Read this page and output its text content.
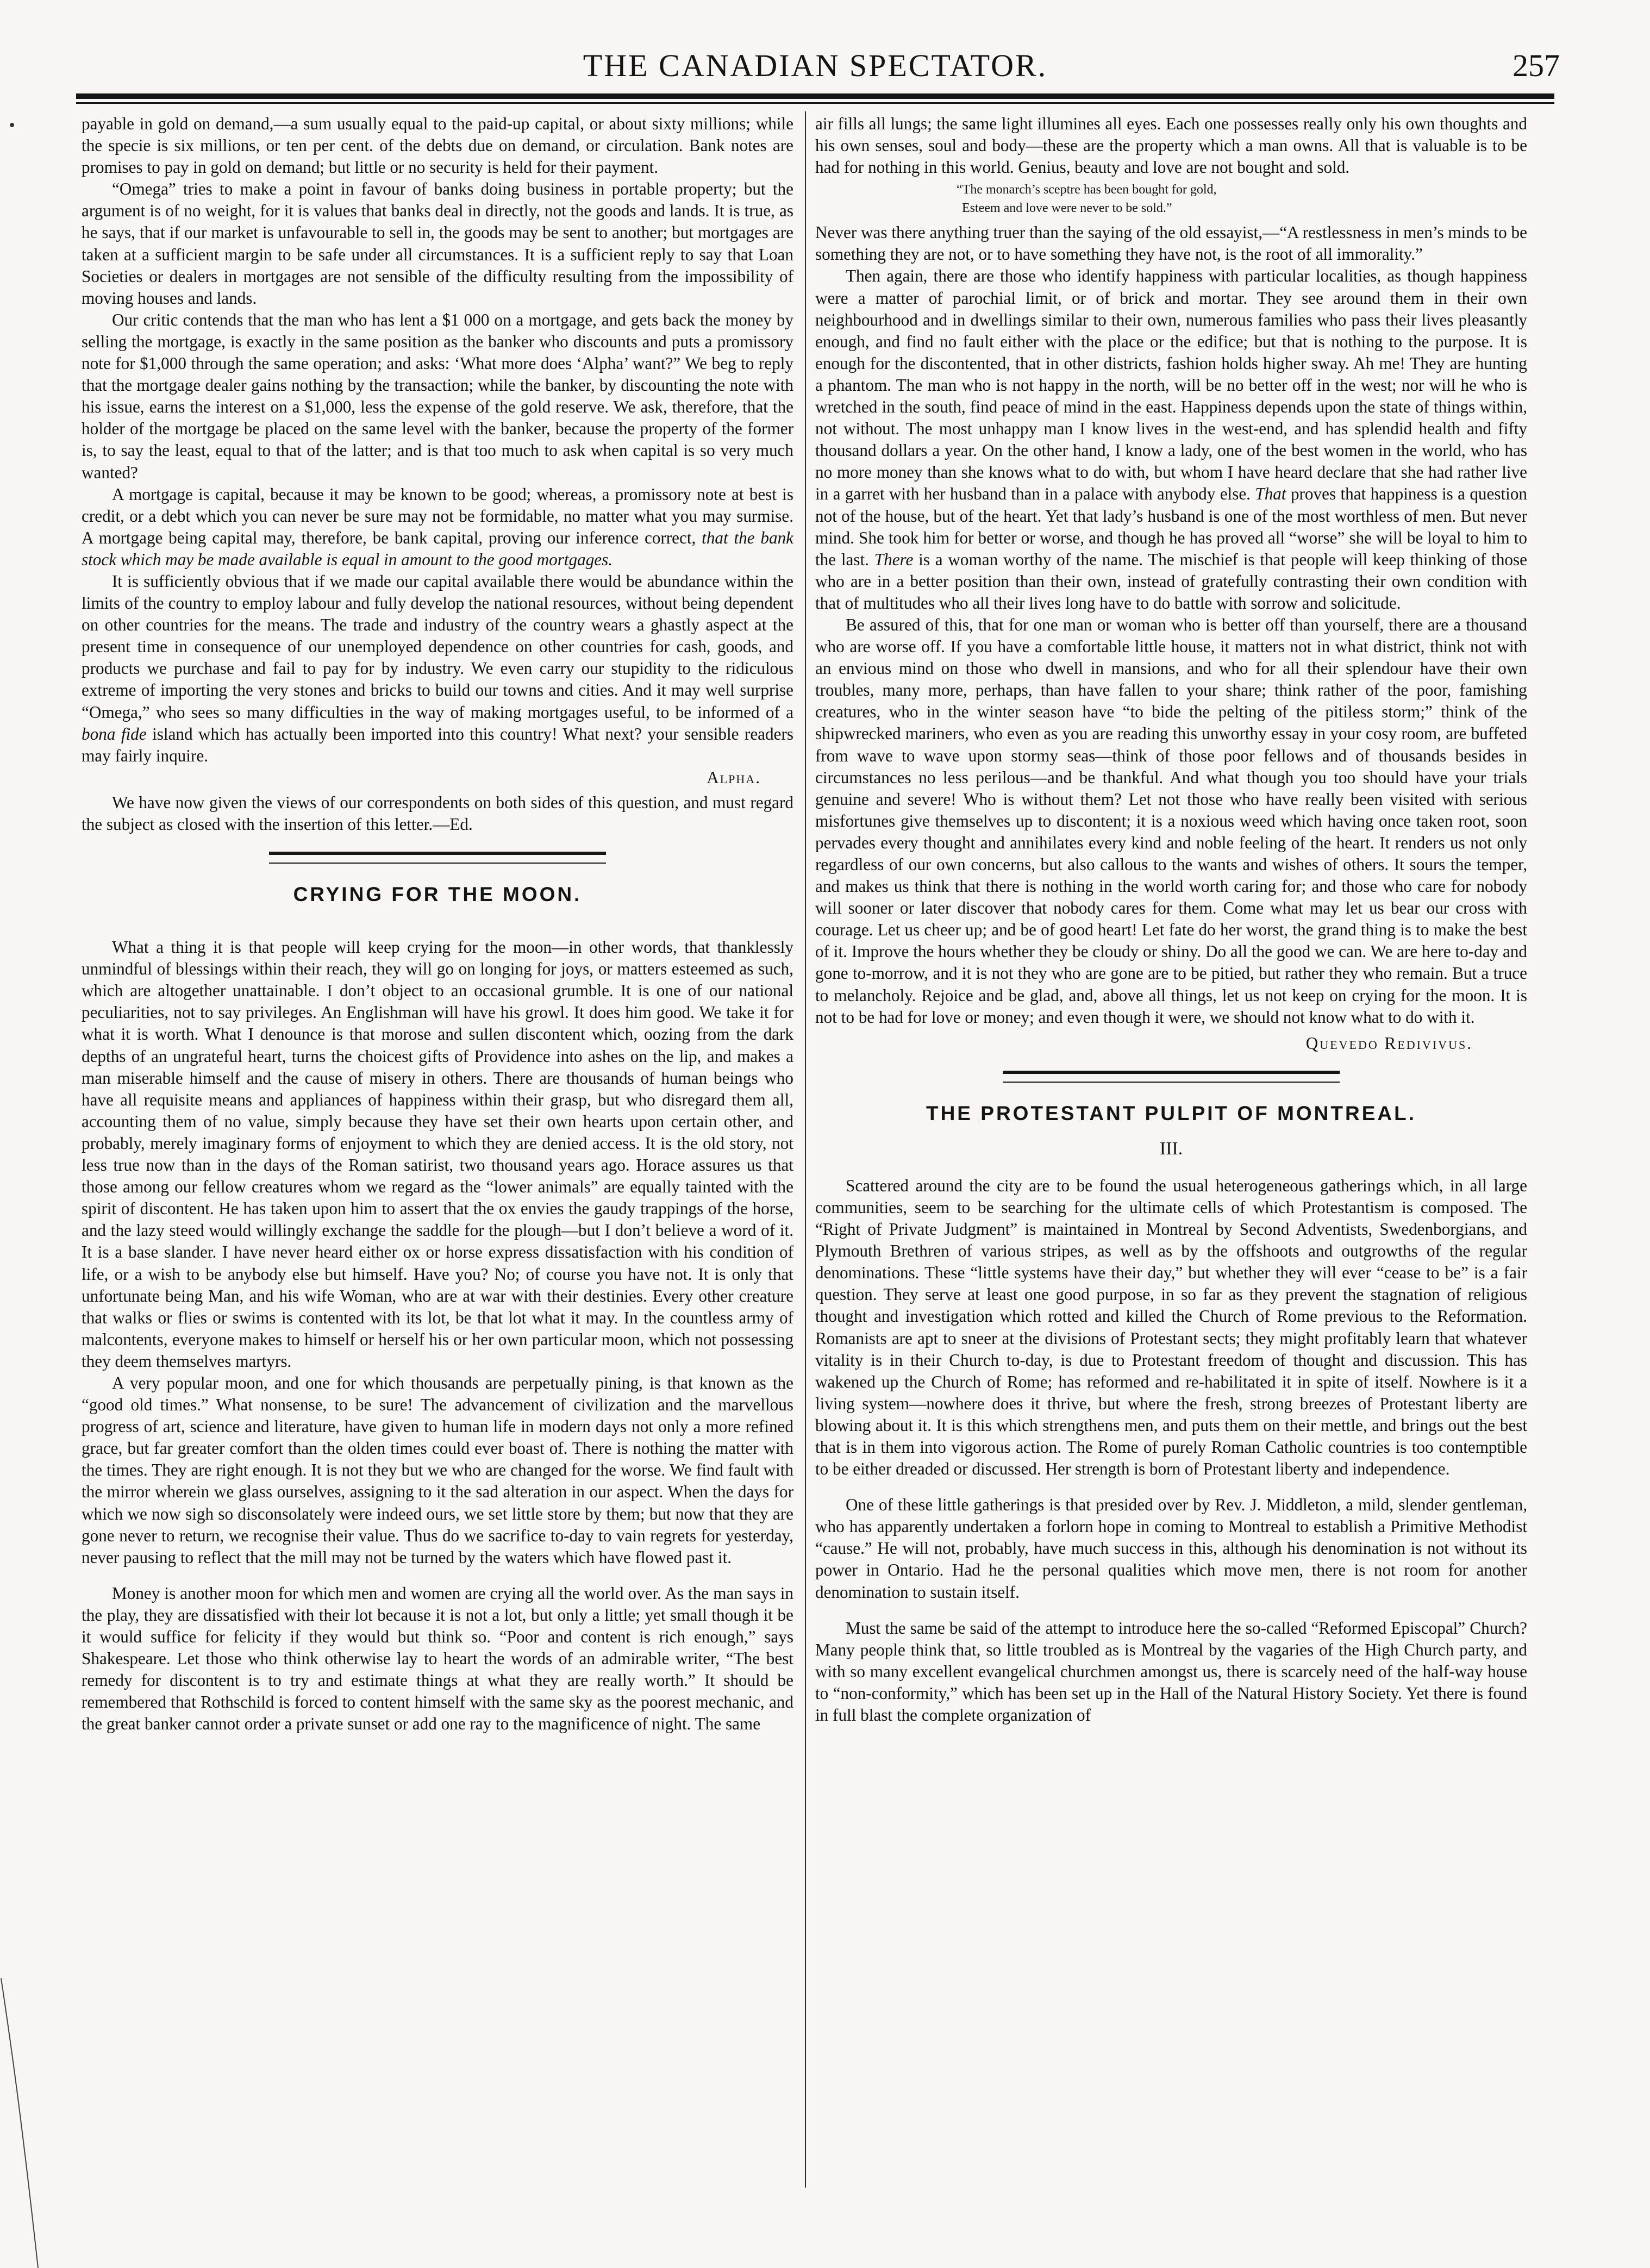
THE CANADIAN SPECTATOR.	257

payable in gold on demand,—a sum usually equal to the paid-up capital, or about sixty millions; while the specie is six millions, or ten per cent. of the debts due on demand, or circulation. Bank notes are promises to pay in gold on demand; but little or no security is held for their payment.

“Omega” tries to make a point in favour of banks doing business in portable property; but the argument is of no weight, for it is values that banks deal in directly, not the goods and lands. It is true, as he says, that if our market is unfavourable to sell in, the goods may be sent to another; but mortgages are taken at a sufficient margin to be safe under all circumstances. It is a sufficient reply to say that Loan Societies or dealers in mortgages are not sensible of the difficulty resulting from the impossibility of moving houses and lands.

Our critic contends that the man who has lent a $1 000 on a mortgage, and gets back the money by selling the mortgage, is exactly in the same position as the banker who discounts and puts a promissory note for $1,000 through the same operation; and asks: ‘What more does ‘Alpha’ want?” We beg to reply that the mortgage dealer gains nothing by the transaction; while the banker, by discounting the note with his issue, earns the interest on a $1,000, less the expense of the gold reserve. We ask, therefore, that the holder of the mortgage be placed on the same level with the banker, because the property of the former is, to say the least, equal to that of the latter; and is that too much to ask when capital is so very much wanted?

A mortgage is capital, because it may be known to be good; whereas, a promissory note at best is credit, or a debt which you can never be sure may not be formidable, no matter what you may surmise. A mortgage being capital may, therefore, be bank capital, proving our inference correct, that the bank stock which may be made available is equal in amount to the good mortgages.

It is sufficiently obvious that if we made our capital available there would be abundance within the limits of the country to employ labour and fully develop the national resources, without being dependent on other countries for the means. The trade and industry of the country wears a ghastly aspect at the present time in consequence of our unemployed dependence on other countries for cash, goods, and products we purchase and fail to pay for by industry. We even carry our stupidity to the ridiculous extreme of importing the very stones and bricks to build our towns and cities. And it may well surprise “Omega,” who sees so many difficulties in the way of making mortgages useful, to be informed of a bona fide island which has actually been imported into this country! What next? your sensible readers may fairly inquire.

Alpha.

We have now given the views of our correspondents on both sides of this question, and must regard the subject as closed with the insertion of this letter.—Ed.

CRYING FOR THE MOON.

What a thing it is that people will keep crying for the moon—in other words, that thanklessly unmindful of blessings within their reach, they will go on longing for joys, or matters esteemed as such, which are altogether unattainable. I don’t object to an occasional grumble. It is one of our national peculiarities, not to say privileges. An Englishman will have his growl. It does him good. We take it for what it is worth. What I denounce is that morose and sullen discontent which, oozing from the dark depths of an ungrateful heart, turns the choicest gifts of Providence into ashes on the lip, and makes a man miserable himself and the cause of misery in others. There are thousands of human beings who have all requisite means and appliances of happiness within their grasp, but who disregard them all, accounting them of no value, simply because they have set their own hearts upon certain other, and probably, merely imaginary forms of enjoyment to which they are denied access. It is the old story, not less true now than in the days of the Roman satirist, two thousand years ago. Horace assures us that those among our fellow creatures whom we regard as the “lower animals” are equally tainted with the spirit of discontent. He has taken upon him to assert that the ox envies the gaudy trappings of the horse, and the lazy steed would willingly exchange the saddle for the plough—but I don’t believe a word of it. It is a base slander. I have never heard either ox or horse express dissatisfaction with his condition of life, or a wish to be anybody else but himself. Have you? No; of course you have not. It is only that unfortunate being Man, and his wife Woman, who are at war with their destinies. Every other creature that walks or flies or swims is contented with its lot, be that lot what it may. In the countless army of malcontents, everyone makes to himself or herself his or her own particular moon, which not possessing they deem themselves martyrs.

A very popular moon, and one for which thousands are perpetually pining, is that known as the “good old times.” What nonsense, to be sure! The advancement of civilization and the marvellous progress of art, science and literature, have given to human life in modern days not only a more refined grace, but far greater comfort than the olden times could ever boast of. There is nothing the matter with the times. They are right enough. It is not they but we who are changed for the worse. We find fault with the mirror wherein we glass ourselves, assigning to it the sad alteration in our aspect. When the days for which we now sigh so disconsolately were indeed ours, we set little store by them; but now that they are gone never to return, we recognise their value. Thus do we sacrifice to-day to vain regrets for yesterday, never pausing to reflect that the mill may not be turned by the waters which have flowed past it.

Money is another moon for which men and women are crying all the world over. As the man says in the play, they are dissatisfied with their lot because it is not a lot, but only a little; yet small though it be it would suffice for felicity if they would but think so. “Poor and content is rich enough,” says Shakespeare. Let those who think otherwise lay to heart the words of an admirable writer, “The best remedy for discontent is to try and estimate things at what they are really worth.” It should be remembered that Rothschild is forced to content himself with the same sky as the poorest mechanic, and the great banker cannot order a private sunset or add one ray to the magnificence of night. The same

air fills all lungs; the same light illumines all eyes. Each one possesses really only his own thoughts and his own senses, soul and body—these are the property which a man owns. All that is valuable is to be had for nothing in this world. Genius, beauty and love are not bought and sold.

“The monarch’s sceptre has been bought for gold,
Esteem and love were never to be sold.”

Never was there anything truer than the saying of the old essayist,—“A restlessness in men’s minds to be something they are not, or to have something they have not, is the root of all immorality.”

Then again, there are those who identify happiness with particular localities, as though happiness were a matter of parochial limit, or of brick and mortar. They see around them in their own neighbourhood and in dwellings similar to their own, numerous families who pass their lives pleasantly enough, and find no fault either with the place or the edifice; but that is nothing to the purpose. It is enough for the discontented, that in other districts, fashion holds higher sway. Ah me! They are hunting a phantom. The man who is not happy in the north, will be no better off in the west; nor will he who is wretched in the south, find peace of mind in the east. Happiness depends upon the state of things within, not without. The most unhappy man I know lives in the west-end, and has splendid health and fifty thousand dollars a year. On the other hand, I know a lady, one of the best women in the world, who has no more money than she knows what to do with, but whom I have heard declare that she had rather live in a garret with her husband than in a palace with anybody else. That proves that happiness is a question not of the house, but of the heart. Yet that lady’s husband is one of the most worthless of men. But never mind. She took him for better or worse, and though he has proved all “worse” she will be loyal to him to the last. There is a woman worthy of the name. The mischief is that people will keep thinking of those who are in a better position than their own, instead of gratefully contrasting their own condition with that of multitudes who all their lives long have to do battle with sorrow and solicitude.

Be assured of this, that for one man or woman who is better off than yourself, there are a thousand who are worse off. If you have a comfortable little house, it matters not in what district, think not with an envious mind on those who dwell in mansions, and who for all their splendour have their own troubles, many more, perhaps, than have fallen to your share; think rather of the poor, famishing creatures, who in the winter season have “to bide the pelting of the pitiless storm;” think of the shipwrecked mariners, who even as you are reading this unworthy essay in your cosy room, are buffeted from wave to wave upon stormy seas—think of those poor fellows and of thousands besides in circumstances no less perilous—and be thankful. And what though you too should have your trials genuine and severe! Who is without them? Let not those who have really been visited with serious misfortunes give themselves up to discontent; it is a noxious weed which having once taken root, soon pervades every thought and annihilates every kind and noble feeling of the heart. It renders us not only regardless of our own concerns, but also callous to the wants and wishes of others. It sours the temper, and makes us think that there is nothing in the world worth caring for; and those who care for nobody will sooner or later discover that nobody cares for them. Come what may let us bear our cross with courage. Let us cheer up; and be of good heart! Let fate do her worst, the grand thing is to make the best of it. Improve the hours whether they be cloudy or shiny. Do all the good we can. We are here to-day and gone to-morrow, and it is not they who are gone are to be pitied, but rather they who remain. But a truce to melancholy. Rejoice and be glad, and, above all things, let us not keep on crying for the moon. It is not to be had for love or money; and even though it were, we should not know what to do with it.

Quevedo Redivivus.

THE PROTESTANT PULPIT OF MONTREAL.
III.

Scattered around the city are to be found the usual heterogeneous gatherings which, in all large communities, seem to be searching for the ultimate cells of which Protestantism is composed. The “Right of Private Judgment” is maintained in Montreal by Second Adventists, Swedenborgians, and Plymouth Brethren of various stripes, as well as by the offshoots and outgrowths of the regular denominations. These “little systems have their day,” but whether they will ever “cease to be” is a fair question. They serve at least one good purpose, in so far as they prevent the stagnation of religious thought and investigation which rotted and killed the Church of Rome previous to the Reformation. Romanists are apt to sneer at the divisions of Protestant sects; they might profitably learn that whatever vitality is in their Church to-day, is due to Protestant freedom of thought and discussion. This has wakened up the Church of Rome; has reformed and re-habilitated it in spite of itself. Nowhere is it a living system—nowhere does it thrive, but where the fresh, strong breezes of Protestant liberty are blowing about it. It is this which strengthens men, and puts them on their mettle, and brings out the best that is in them into vigorous action. The Rome of purely Roman Catholic countries is too contemptible to be either dreaded or discussed. Her strength is born of Protestant liberty and independence.

One of these little gatherings is that presided over by Rev. J. Middleton, a mild, slender gentleman, who has apparently undertaken a forlorn hope in coming to Montreal to establish a Primitive Methodist “cause.” He will not, probably, have much success in this, although his denomination is not without its power in Ontario. Had he the personal qualities which move men, there is not room for another denomination to sustain itself.

Must the same be said of the attempt to introduce here the so-called “Reformed Episcopal” Church? Many people think that, so little troubled as is Montreal by the vagaries of the High Church party, and with so many excellent evangelical churchmen amongst us, there is scarcely need of the half-way house to “non-conformity,” which has been set up in the Hall of the Natural History Society. Yet there is found in full blast the complete organization of
